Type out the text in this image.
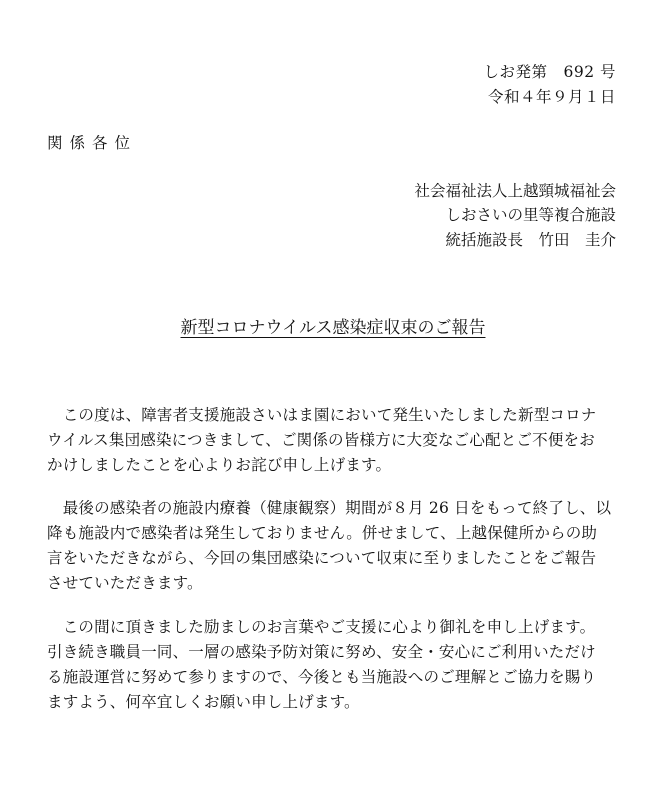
しお発第　692 号
令和４年９月１日
関係各位
社会福祉法人上越頸城福祉会
しおさいの里等複合施設
統括施設長　竹田　圭介
新型コロナウイルス感染症収束のご報告
　この度は、障害者支援施設さいはま園において発生いたしました新型コロナ
ウイルス集団感染につきまして、ご関係の皆様方に大変なご心配とご不便をお
かけしましたことを心よりお詫び申し上げます。
　最後の感染者の施設内療養（健康観察）期間が８月 26 日をもって終了し、以
降も施設内で感染者は発生しておりません。併せまして、上越保健所からの助
言をいただきながら、今回の集団感染について収束に至りましたことをご報告
させていただきます。
　この間に頂きました励ましのお言葉やご支援に心より御礼を申し上げます。
引き続き職員一同、一層の感染予防対策に努め、安全・安心にご利用いただけ
る施設運営に努めて参りますので、今後とも当施設へのご理解とご協力を賜り
ますよう、何卒宜しくお願い申し上げます。
